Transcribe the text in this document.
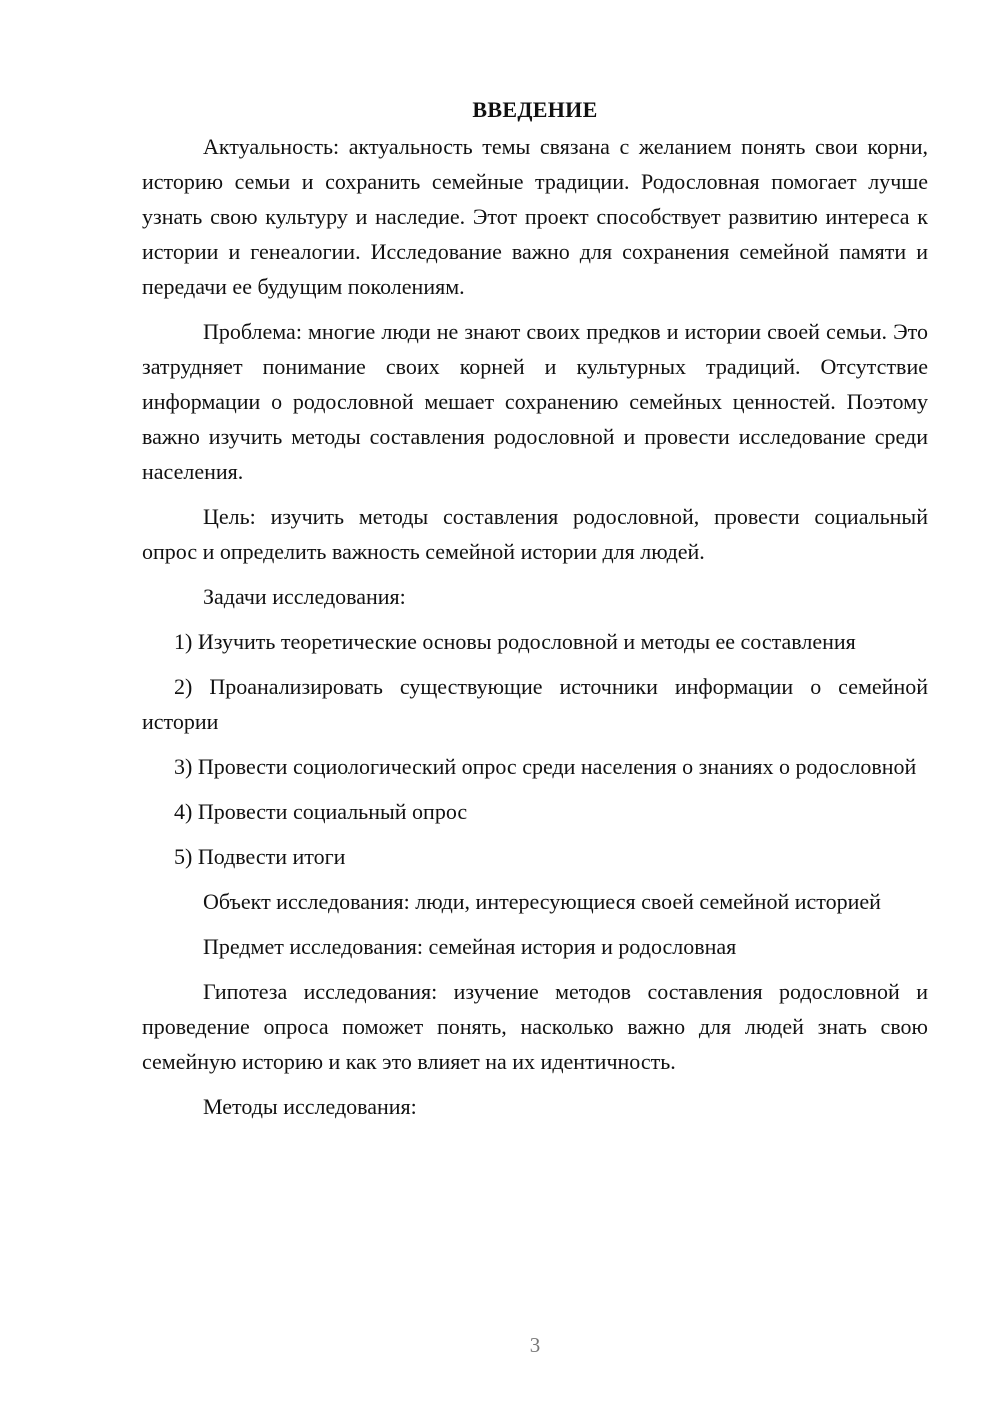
ВВЕДЕНИЕ

Актуальность: актуальность темы связана с желанием понять свои корни, историю семьи и сохранить семейные традиции. Родословная помогает лучше узнать свою культуру и наследие. Этот проект способствует развитию интереса к истории и генеалогии. Исследование важно для сохранения семейной памяти и передачи ее будущим поколениям.

Проблема: многие люди не знают своих предков и истории своей семьи. Это затрудняет понимание своих корней и культурных традиций. Отсутствие информации о родословной мешает сохранению семейных ценностей. Поэтому важно изучить методы составления родословной и провести исследование среди населения.

Цель: изучить методы составления родословной, провести социальный опрос и определить важность семейной истории для людей.

Задачи исследования:

1) Изучить теоретические основы родословной и методы ее составления

2) Проанализировать существующие источники информации о семейной истории

3) Провести социологический опрос среди населения о знаниях о родословной

4) Провести социальный опрос

5) Подвести итоги

Объект исследования: люди, интересующиеся своей семейной историей

Предмет исследования: семейная история и родословная

Гипотеза исследования: изучение методов составления родословной и проведение опроса поможет понять, насколько важно для людей знать свою семейную историю и как это влияет на их идентичность.

Методы исследования:

3
